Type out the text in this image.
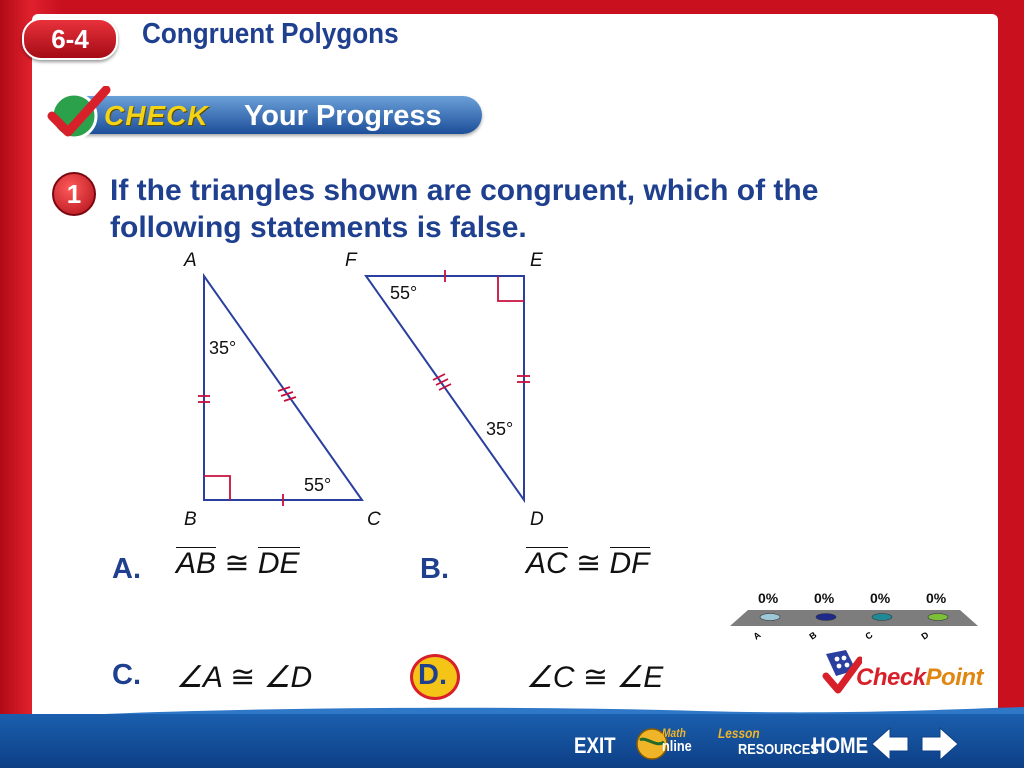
6-4 Congruent Polygons
CHECK Your Progress
1 If the triangles shown are congruent, which of the following statements is false.
A
B	C
F	E
D
35°
55°
55°
35°
A. AB ≅ DE	B.	AC ≅ DF
C. ∠A ≅ ∠D	D.	∠C ≅ ∠E
A	B	C	D
0%	0%	0%	0%
CheckPoint
EXIT	Math
nline
Lesson
RESOURCES
HOME
